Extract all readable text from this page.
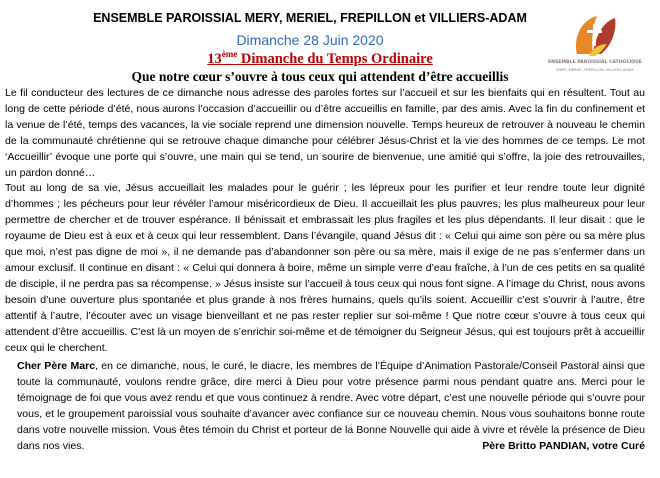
ENSEMBLE PAROISSIAL MERY, MERIEL, FREPILLON et VILLIERS-ADAM
Dimanche 28 Juin 2020
13ème Dimanche du Temps Ordinaire
Que notre cœur s’ouvre à tous ceux qui attendent d’être accueillis
ENSEMBLE PAROISSIAL CATHOLIQUE
MERY, MERIEL, FREPILLON, VILLIERS-ADAM

Le fil conducteur des lectures de ce dimanche nous adresse des paroles fortes sur l’accueil et sur les bienfaits qui en résultent. Tout au long de cette période d’été, nous aurons l’occasion d’accueillir ou d’être accueillis en famille, par des amis. Avec la fin du confinement et la venue de l’été, temps des vacances, la vie sociale reprend une dimension nouvelle. Temps heureux de retrouver à nouveau le chemin de la communauté chrétienne qui se retrouve chaque dimanche pour célébrer Jésus-Christ et la vie des hommes de ce temps. Le mot ‘Accueillir’ évoque une porte qui s’ouvre, une main qui se tend, un sourire de bienvenue, une amitié qui s’offre, la joie des retrouvailles, un pardon donné…

Tout au long de sa vie, Jésus accueillait les malades pour le guérir ; les lépreux pour les purifier et leur rendre toute leur dignité d’hommes ; les pécheurs pour leur révéler l’amour miséricordieux de Dieu. Il accueillait les plus pauvres, les plus malheureux pour leur permettre de chercher et de trouver espérance. Il bénissait et embrassait les plus fragiles et les plus dépendants. Il leur disait : que le royaume de Dieu est à eux et à ceux qui leur ressemblent. Dans l’évangile, quand Jésus dit : « Celui qui aime son père ou sa mère plus que moi, n’est pas digne de moi », il ne demande pas d’abandonner son père ou sa mère, mais il exige de ne pas s’enfermer dans un amour exclusif. Il continue en disant : « Celui qui donnera à boire, même un simple verre d’eau fraîche, à l’un de ces petits en sa qualité de disciple, il ne perdra pas sa récompense. » Jésus insiste sur l’accueil à tous ceux qui nous font signe. A l’image du Christ, nous avons besoin d’une ouverture plus spontanée et plus grande à nos frères humains, quels qu’ils soient. Accueillir c’est s’ouvrir à l’autre, être attentif à l’autre, l’écouter avec un visage bienveillant et ne pas rester replier sur soi-même ! Que notre cœur s’ouvre à tous ceux qui attendent d’être accueillis. C’est là un moyen de s’enrichir soi-même et de témoigner du Seigneur Jésus, qui est toujours prêt à accueillir ceux qui le cherchent.

Cher Père Marc, en ce dimanche, nous, le curé, le diacre, les membres de l’Équipe d’Animation Pastorale/Conseil Pastoral ainsi que toute la communauté, voulons rendre grâce, dire merci à Dieu pour votre présence parmi nous pendant quatre ans. Merci pour le témoignage de foi que vous avez rendu et que vous continuez à rendre. Avec votre départ, c’est une nouvelle période qui s’ouvre pour vous, et le groupement paroissial vous souhaite d’avancer avec confiance sur ce nouveau chemin. Nous vous souhaitons bonne route dans votre nouvelle mission. Vous êtes témoin du Christ et porteur de la Bonne Nouvelle qui aide à vivre et révèle la présence de Dieu dans nos vies.	Père Britto PANDIAN, votre Curé
